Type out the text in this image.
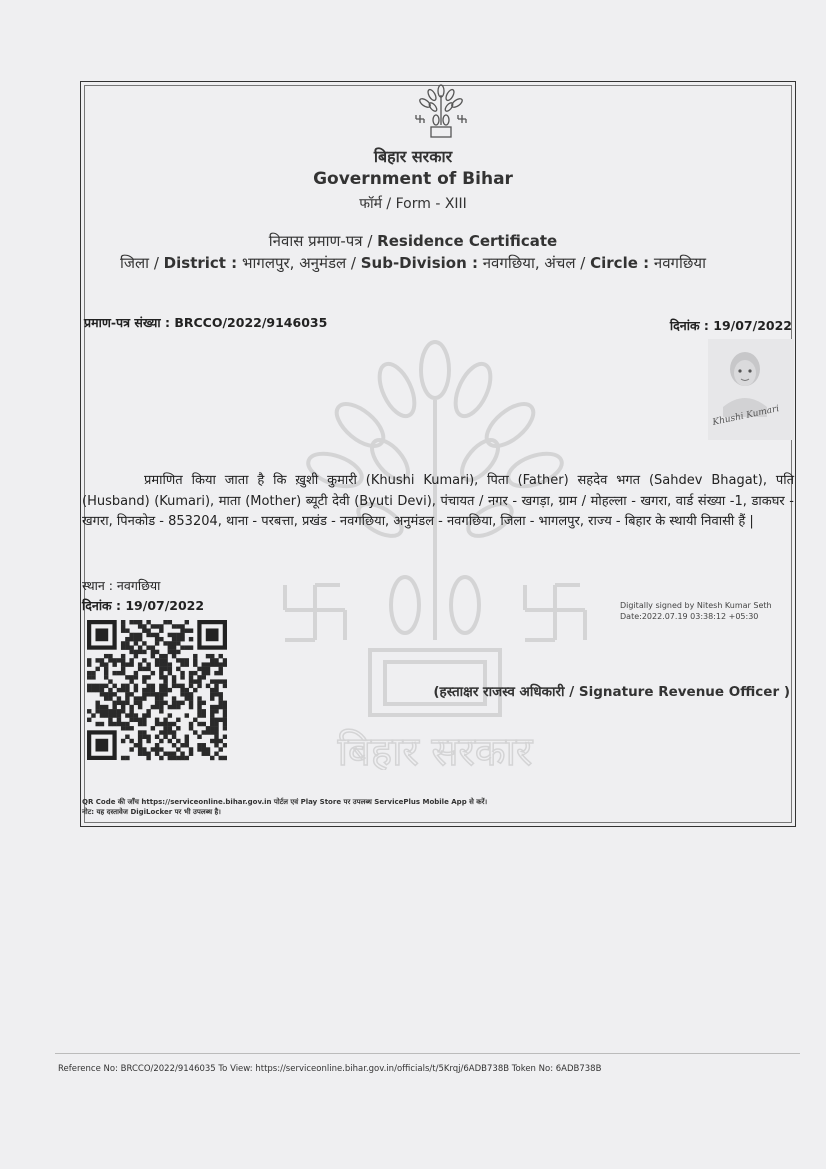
बिहार सरकार
Government of Bihar
फॉर्म / Form - XIII
निवास प्रमाण-पत्र / Residence Certificate
जिला / District : भागलपुर, अनुमंडल / Sub-Division : नवगछिया, अंचल / Circle : नवगछिया
प्रमाण-पत्र संख्या : BRCCO/2022/9146035	दिनांक : 19/07/2022
Khushi Kumari
बिहार सरकार
प्रमाणित किया जाता है कि ख़ुशी कुमारी (Khushi Kumari), पिता (Father) सहदेव भगत (Sahdev Bhagat), पति (Husband) (Kumari), माता (Mother) ब्यूटी देवी (Byuti Devi), पंचायत / नगर - खगड़ा, ग्राम / मोहल्ला - खगरा, वार्ड संख्या -1, डाकघर - खगरा, पिनकोड - 853204, थाना - परबत्ता, प्रखंड - नवगछिया, अनुमंडल - नवगछिया, जिला - भागलपुर, राज्य - बिहार के स्थायी निवासी हैं |
स्थान : नवगछिया
दिनांक : 19/07/2022	Digitally signed by Nitesh Kumar Seth
Date:2022.07.19 03:38:12 +05:30
(हस्ताक्षर राजस्व अधिकारी / Signature Revenue Officer )
QR Code की जाँच https://serviceonline.bihar.gov.in पोर्टल एवं Play Store पर उपलब्ध ServicePlus Mobile App से करें।
नोट: यह दस्तावेज DigiLocker पर भी उपलब्ध है।
Reference No: BRCCO/2022/9146035 To View: https://serviceonline.bihar.gov.in/officials/t/5Krqj/6ADB738B Token No: 6ADB738B
